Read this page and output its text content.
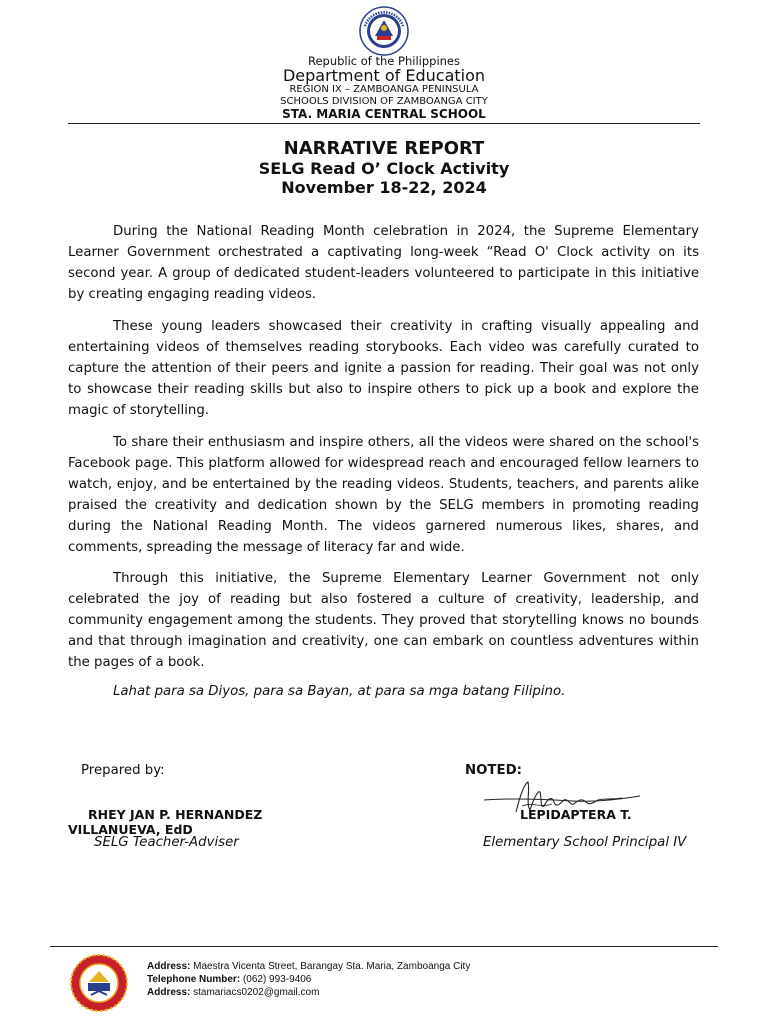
Republic of the Philippines
Department of Education
REGION IX – ZAMBOANGA PENINSULA
SCHOOLS DIVISION OF ZAMBOANGA CITY
STA. MARIA CENTRAL SCHOOL
NARRATIVE REPORT
SELG Read O’ Clock Activity
November 18-22, 2024

During the National Reading Month celebration in 2024, the Supreme Elementary Learner Government orchestrated a captivating long-week “Read O' Clock activity on its second year. A group of dedicated student-leaders volunteered to participate in this initiative by creating engaging reading videos.

These young leaders showcased their creativity in crafting visually appealing and entertaining videos of themselves reading storybooks. Each video was carefully curated to capture the attention of their peers and ignite a passion for reading. Their goal was not only to showcase their reading skills but also to inspire others to pick up a book and explore the magic of storytelling.

To share their enthusiasm and inspire others, all the videos were shared on the school's Facebook page. This platform allowed for widespread reach and encouraged fellow learners to watch, enjoy, and be entertained by the reading videos. Students, teachers, and parents alike praised the creativity and dedication shown by the SELG members in promoting reading during the National Reading Month. The videos garnered numerous likes, shares, and comments, spreading the message of literacy far and wide.

Through this initiative, the Supreme Elementary Learner Government not only celebrated the joy of reading but also fostered a culture of creativity, leadership, and community engagement among the students. They proved that storytelling knows no bounds and that through imagination and creativity, one can embark on countless adventures within the pages of a book.

Lahat para sa Diyos, para sa Bayan, at para sa mga batang Filipino.
Prepared by:	NOTED:
RHEY JAN P. HERNANDEZ
VILLANUEVA, EdD
SELG Teacher-Adviser
LEPIDAPTERA T.
Elementary School Principal IV
Address: Maestra Vicenta Street, Barangay Sta. Maria, Zamboanga City
Telephone Number: (062) 993-9406
Address: stamariacs0202@gmail.com
